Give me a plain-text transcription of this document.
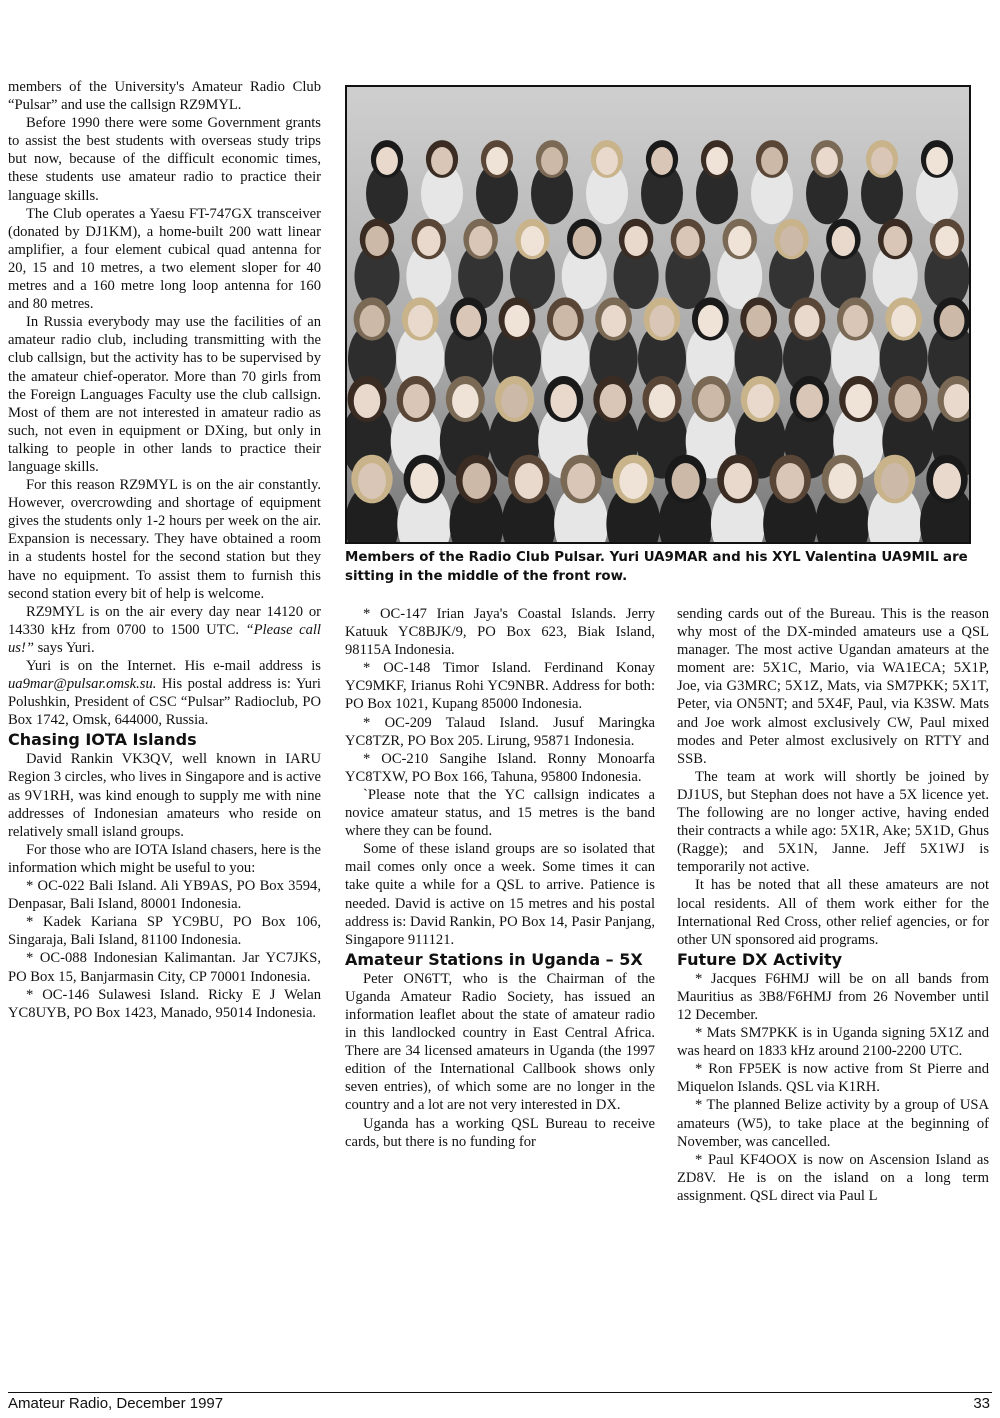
members of the University's Amateur Radio Club “Pulsar” and use the callsign RZ9MYL.

Before 1990 there were some Government grants to assist the best students with overseas study trips but now, because of the difficult economic times, these students use amateur radio to practice their language skills.

The Club operates a Yaesu FT-747GX transceiver (donated by DJ1KM), a home-built 200 watt linear amplifier, a four element cubical quad antenna for 20, 15 and 10 metres, a two element sloper for 40 metres and a 160 metre long loop antenna for 160 and 80 metres.

In Russia everybody may use the facilities of an amateur radio club, including transmitting with the club callsign, but the activity has to be supervised by the amateur chief-operator. More than 70 girls from the Foreign Languages Faculty use the club callsign. Most of them are not interested in amateur radio as such, not even in equipment or DXing, but only in talking to people in other lands to practice their language skills.

For this reason RZ9MYL is on the air constantly. However, overcrowding and shortage of equipment gives the students only 1-2 hours per week on the air. Expansion is necessary. They have obtained a room in a students hostel for the second station but they have no equipment. To assist them to furnish this second station every bit of help is welcome.

RZ9MYL is on the air every day near 14120 or 14330 kHz from 0700 to 1500 UTC. “Please call us!” says Yuri.

Yuri is on the Internet. His e-mail address is ua9mar@pulsar.omsk.su. His postal address is: Yuri Polushkin, President of CSC “Pulsar” Radioclub, PO Box 1742, Omsk, 644000, Russia.

Chasing IOTA Islands

David Rankin VK3QV, well known in IARU Region 3 circles, who lives in Singapore and is active as 9V1RH, was kind enough to supply me with nine addresses of Indonesian amateurs who reside on relatively small island groups.

For those who are IOTA Island chasers, here is the information which might be useful to you:

* OC-022 Bali Island. Ali YB9AS, PO Box 3594, Denpasar, Bali Island, 80001 Indonesia.

* Kadek Kariana SP YC9BU, PO Box 106, Singaraja, Bali Island, 81100 Indonesia.

* OC-088 Indonesian Kalimantan. Jar YC7JKS, PO Box 15, Banjarmasin City, CP 70001 Indonesia.

* OC-146 Sulawesi Island. Ricky E J Welan YC8UYB, PO Box 1423, Manado, 95014 Indonesia.

Members of the Radio Club Pulsar. Yuri UA9MAR and his XYL Valentina UA9MIL are sitting in the middle of the front row.

* OC-147 Irian Jaya's Coastal Islands. Jerry Katuuk YC8BJK/9, PO Box 623, Biak Island, 98115A Indonesia.

* OC-148 Timor Island. Ferdinand Konay YC9MKF, Irianus Rohi YC9NBR. Address for both: PO Box 1021, Kupang 85000 Indonesia.

* OC-209 Talaud Island. Jusuf Maringka YC8TZR, PO Box 205. Lirung, 95871 Indonesia.

* OC-210 Sangihe Island. Ronny Monoarfa YC8TXW, PO Box 166, Tahuna, 95800 Indonesia.

`Please note that the YC callsign indicates a novice amateur status, and 15 metres is the band where they can be found.

Some of these island groups are so isolated that mail comes only once a week. Some times it can take quite a while for a QSL to arrive. Patience is needed. David is active on 15 metres and his postal address is: David Rankin, PO Box 14, Pasir Panjang, Singapore 911121.

Amateur Stations in Uganda – 5X

Peter ON6TT, who is the Chairman of the Uganda Amateur Radio Society, has issued an information leaflet about the state of amateur radio in this landlocked country in East Central Africa. There are 34 licensed amateurs in Uganda (the 1997 edition of the International Callbook shows only seven entries), of which some are no longer in the country and a lot are not very interested in DX.

Uganda has a working QSL Bureau to receive cards, but there is no funding for

sending cards out of the Bureau. This is the reason why most of the DX-minded amateurs use a QSL manager. The most active Ugandan amateurs at the moment are: 5X1C, Mario, via WA1ECA; 5X1P, Joe, via G3MRC; 5X1Z, Mats, via SM7PKK; 5X1T, Peter, via ON5NT; and 5X4F, Paul, via K3SW. Mats and Joe work almost exclusively CW, Paul mixed modes and Peter almost exclusively on RTTY and SSB.

The team at work will shortly be joined by DJ1US, but Stephan does not have a 5X licence yet. The following are no longer active, having ended their contracts a while ago: 5X1R, Ake; 5X1D, Ghus (Ragge); and 5X1N, Janne. Jeff 5X1WJ is temporarily not active.

It has be noted that all these amateurs are not local residents. All of them work either for the International Red Cross, other relief agencies, or for other UN sponsored aid programs.

Future DX Activity

* Jacques F6HMJ will be on all bands from Mauritius as 3B8/F6HMJ from 26 November until 12 December.

* Mats SM7PKK is in Uganda signing 5X1Z and was heard on 1833 kHz around 2100-2200 UTC.

* Ron FP5EK is now active from St Pierre and Miquelon Islands. QSL via K1RH.

* The planned Belize activity by a group of USA amateurs (W5), to take place at the beginning of November, was cancelled.

* Paul KF4OOX is now on Ascension Island as ZD8V. He is on the island on a long term assignment. QSL direct via Paul L

Amateur Radio, December 1997	33
